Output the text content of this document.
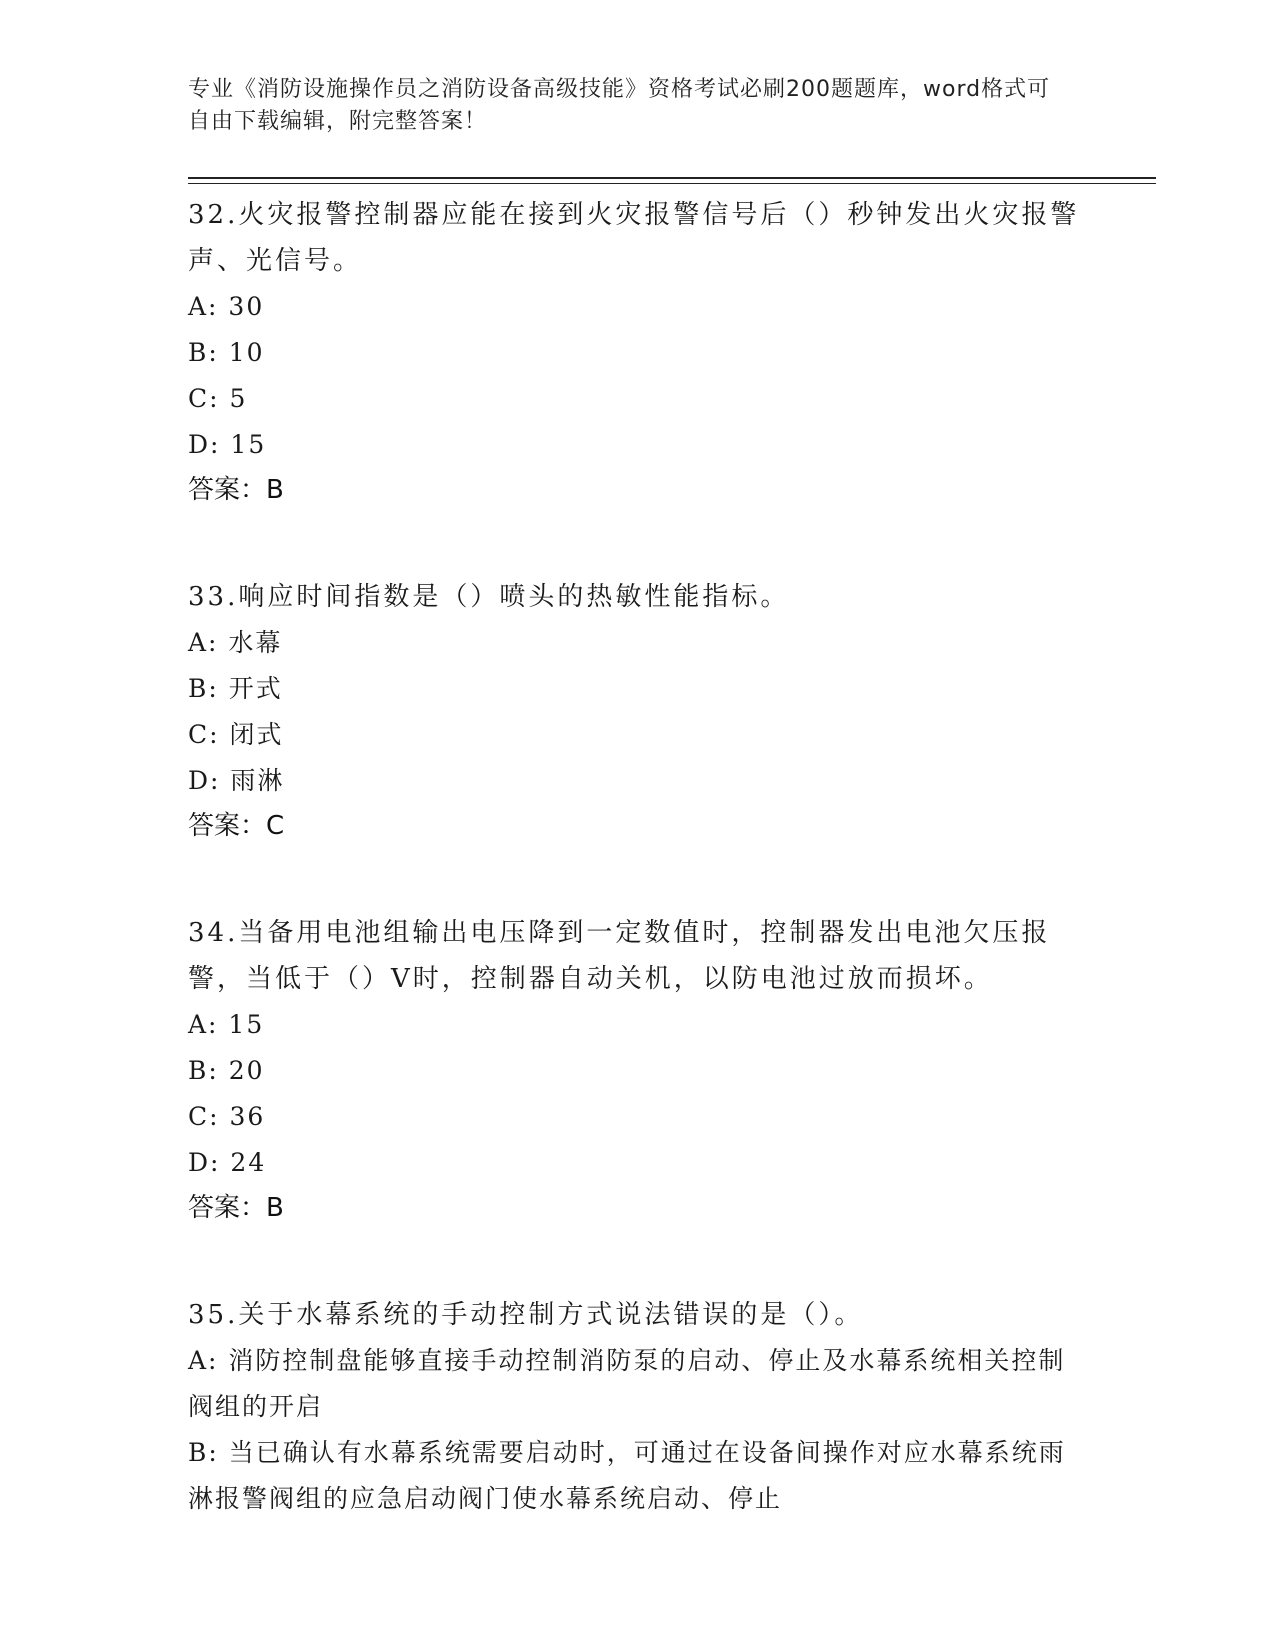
专业《消防设施操作员之消防设备高级技能》资格考试必刷200题题库，word格式可自由下载编辑，附完整答案！
32.火灾报警控制器应能在接到火灾报警信号后（）秒钟发出火灾报警声、光信号。
A: 30
B: 10
C: 5
D: 15
答案：B
33.响应时间指数是（）喷头的热敏性能指标。
A: 水幕
B: 开式
C: 闭式
D: 雨淋
答案：C
34.当备用电池组输出电压降到一定数值时，控制器发出电池欠压报警，当低于（）V时，控制器自动关机，以防电池过放而损坏。
A: 15
B: 20
C: 36
D: 24
答案：B
35.关于水幕系统的手动控制方式说法错误的是（）。
A: 消防控制盘能够直接手动控制消防泵的启动、停止及水幕系统相关控制阀组的开启
B: 当已确认有水幕系统需要启动时，可通过在设备间操作对应水幕系统雨淋报警阀组的应急启动阀门使水幕系统启动、停止
